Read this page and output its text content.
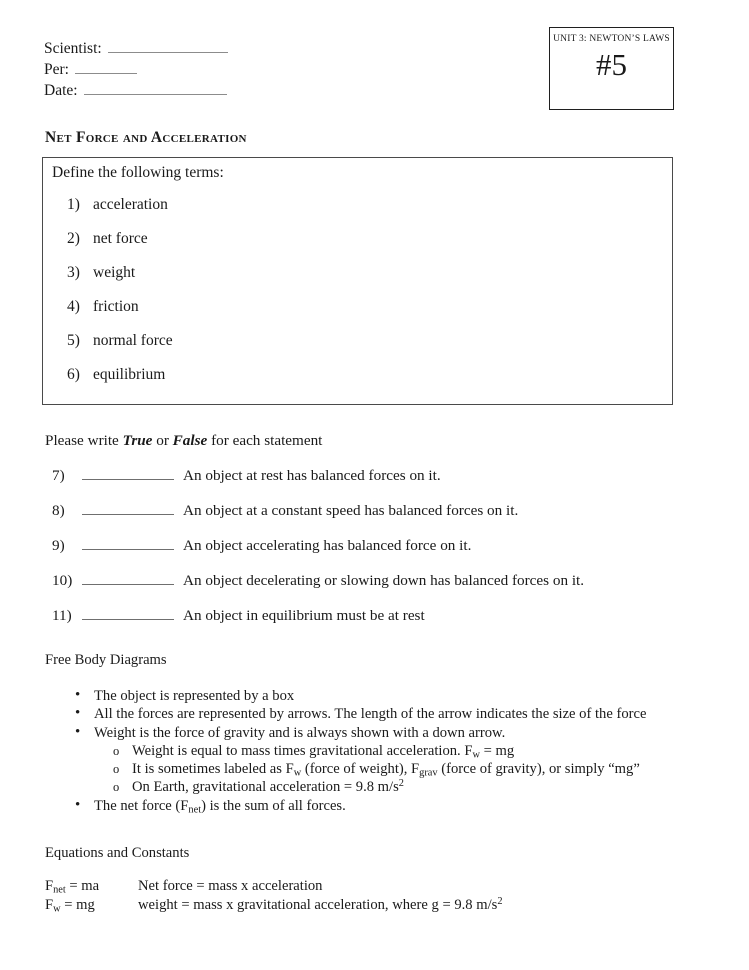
Scientist:
Per:
Date:
UNIT 3: NEWTON’S LAWS
#5
Net Force and Acceleration
Define the following terms:
1) acceleration
2) net force
3) weight
4) friction
5) normal force
6) equilibrium
Please write True or False for each statement
7)	An object at rest has balanced forces on it.
8)	An object at a constant speed has balanced forces on it.
9)	An object accelerating has balanced force on it.
10)	An object decelerating or slowing down has balanced forces on it.
11)	An object in equilibrium must be at rest
Free Body Diagrams
• The object is represented by a box
• All the forces are represented by arrows. The length of the arrow indicates the size of the force
• Weight is the force of gravity and is always shown with a down arrow.
o Weight is equal to mass times gravitational acceleration. $F_w$ = mg
o It is sometimes labeled as $F_w$ (force of weight), $F_{grav}$ (force of gravity), or simply “mg”
o On Earth, gravitational acceleration = 9.8 $m/s^2$
• The net force $(F_{net})$ is the sum of all forces.
Equations and Constants
$F_{net}$ = ma	Net force = mass x acceleration
$F_w$ = mg	weight = mass x gravitational acceleration, where g = 9.8 $m/s^2$
